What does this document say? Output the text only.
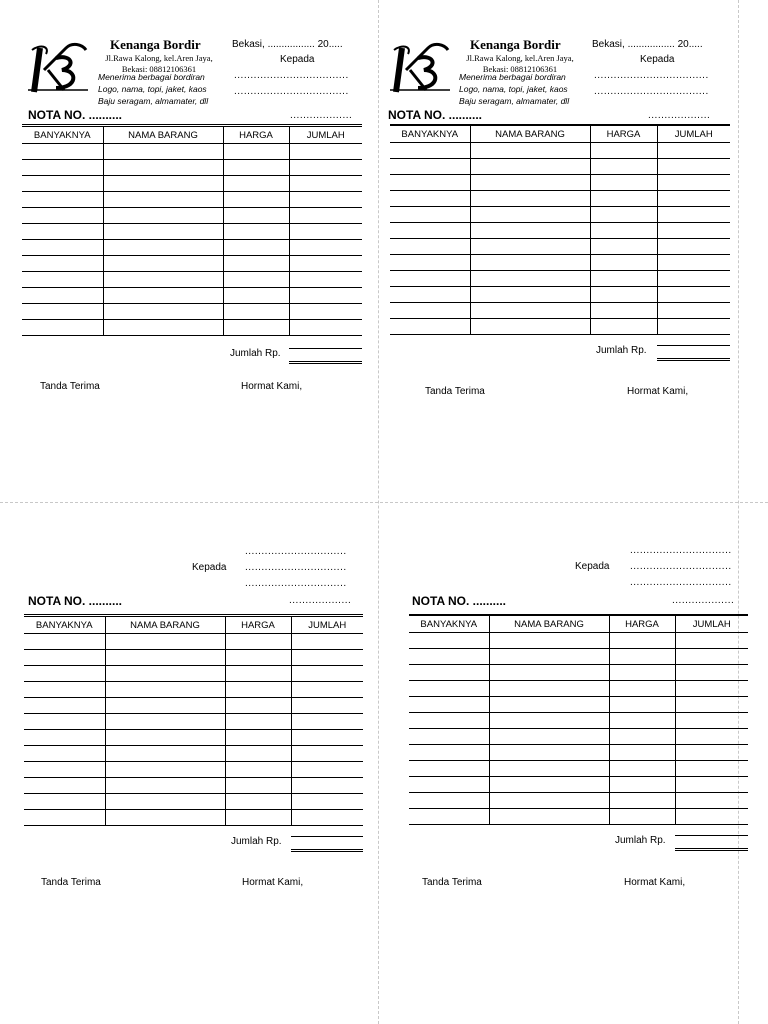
Kenanga Bordir
Jl.Rawa Kalong, kel.Aren Jaya,
Bekasi: 08812106361
Menerima berbagai bordiran
Logo, nama, topi, jaket, kaos
Baju seragam, almamater, dll
Bekasi, ................. 20.....
Kepada
...................................
...................................
NOTA NO. ..........	...................
BANYAKNYA	NAMA BARANG	HARGA	JUMLAH

Jumlah Rp.
Tanda Terima	Hormat Kami,
Kenanga Bordir
Jl.Rawa Kalong, kel.Aren Jaya,
Bekasi: 08812106361
Menerima berbagai bordiran
Logo, nama, topi, jaket, kaos
Baju seragam, almamater, dll
Bekasi, ................. 20.....
Kepada
...................................
...................................
NOTA NO. ..........	...................
BANYAKNYA	NAMA BARANG	HARGA	JUMLAH

Jumlah Rp.
Tanda Terima	Hormat Kami,
...............................
Kepada ...............................
...............................
NOTA NO. ..........	...................
BANYAKNYA	NAMA BARANG	HARGA	JUMLAH

Jumlah Rp.
Tanda Terima	Hormat Kami,
...............................
Kepada ...............................
...............................
NOTA NO. ..........	...................
BANYAKNYA	NAMA BARANG	HARGA	JUMLAH

Jumlah Rp.
Tanda Terima	Hormat Kami,
